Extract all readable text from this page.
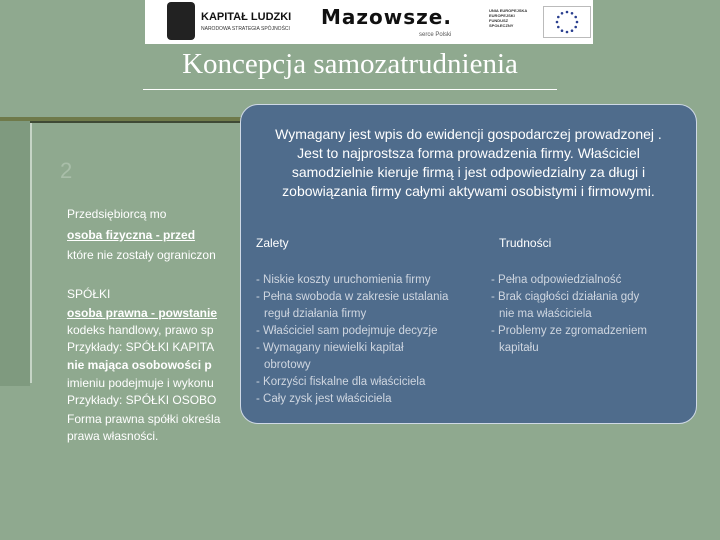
KAPITAŁ LUDZKI
NARODOWA STRATEGIA SPÓJNOŚCI Mazowsze.
serce Polski
UNIA EUROPEJSKA EUROPEJSKI FUNDUSZ SPOŁECZNY
Koncepcja samozatrudnienia
2
Przedsiębiorcą mo
osoba fizyczna - przed
które nie zostały ograniczon
SPÓŁKI
osoba prawna - powstanie
kodeks handlowy, prawo sp
Przykłady: SPÓŁKI KAPITA
nie mająca osobowości p
imieniu podejmuje i wykonu
Przykłady: SPÓŁKI OSOBO
Forma prawna spółki określa
prawa własności.
Wymagany jest wpis do ewidencji gospodarczej prowadzonej . Jest to najprostsza forma prowadzenia firmy. Właściciel samodzielnie kieruje firmą i jest odpowiedzialny za długi i zobowiązania firmy całymi aktywami osobistymi i firmowymi.
Zalety	Trudności
- Niskie koszty uruchomienia firmy
- Pełna swoboda w zakresie ustalania
reguł działania firmy
- Właściciel sam podejmuje decyzje
- Wymagany niewielki kapitał
obrotowy
- Korzyści fiskalne dla właściciela
- Cały zysk jest właściciela
- Pełna odpowiedzialność
- Brak ciągłości działania gdy
nie ma właściciela
- Problemy ze zgromadzeniem
kapitału
